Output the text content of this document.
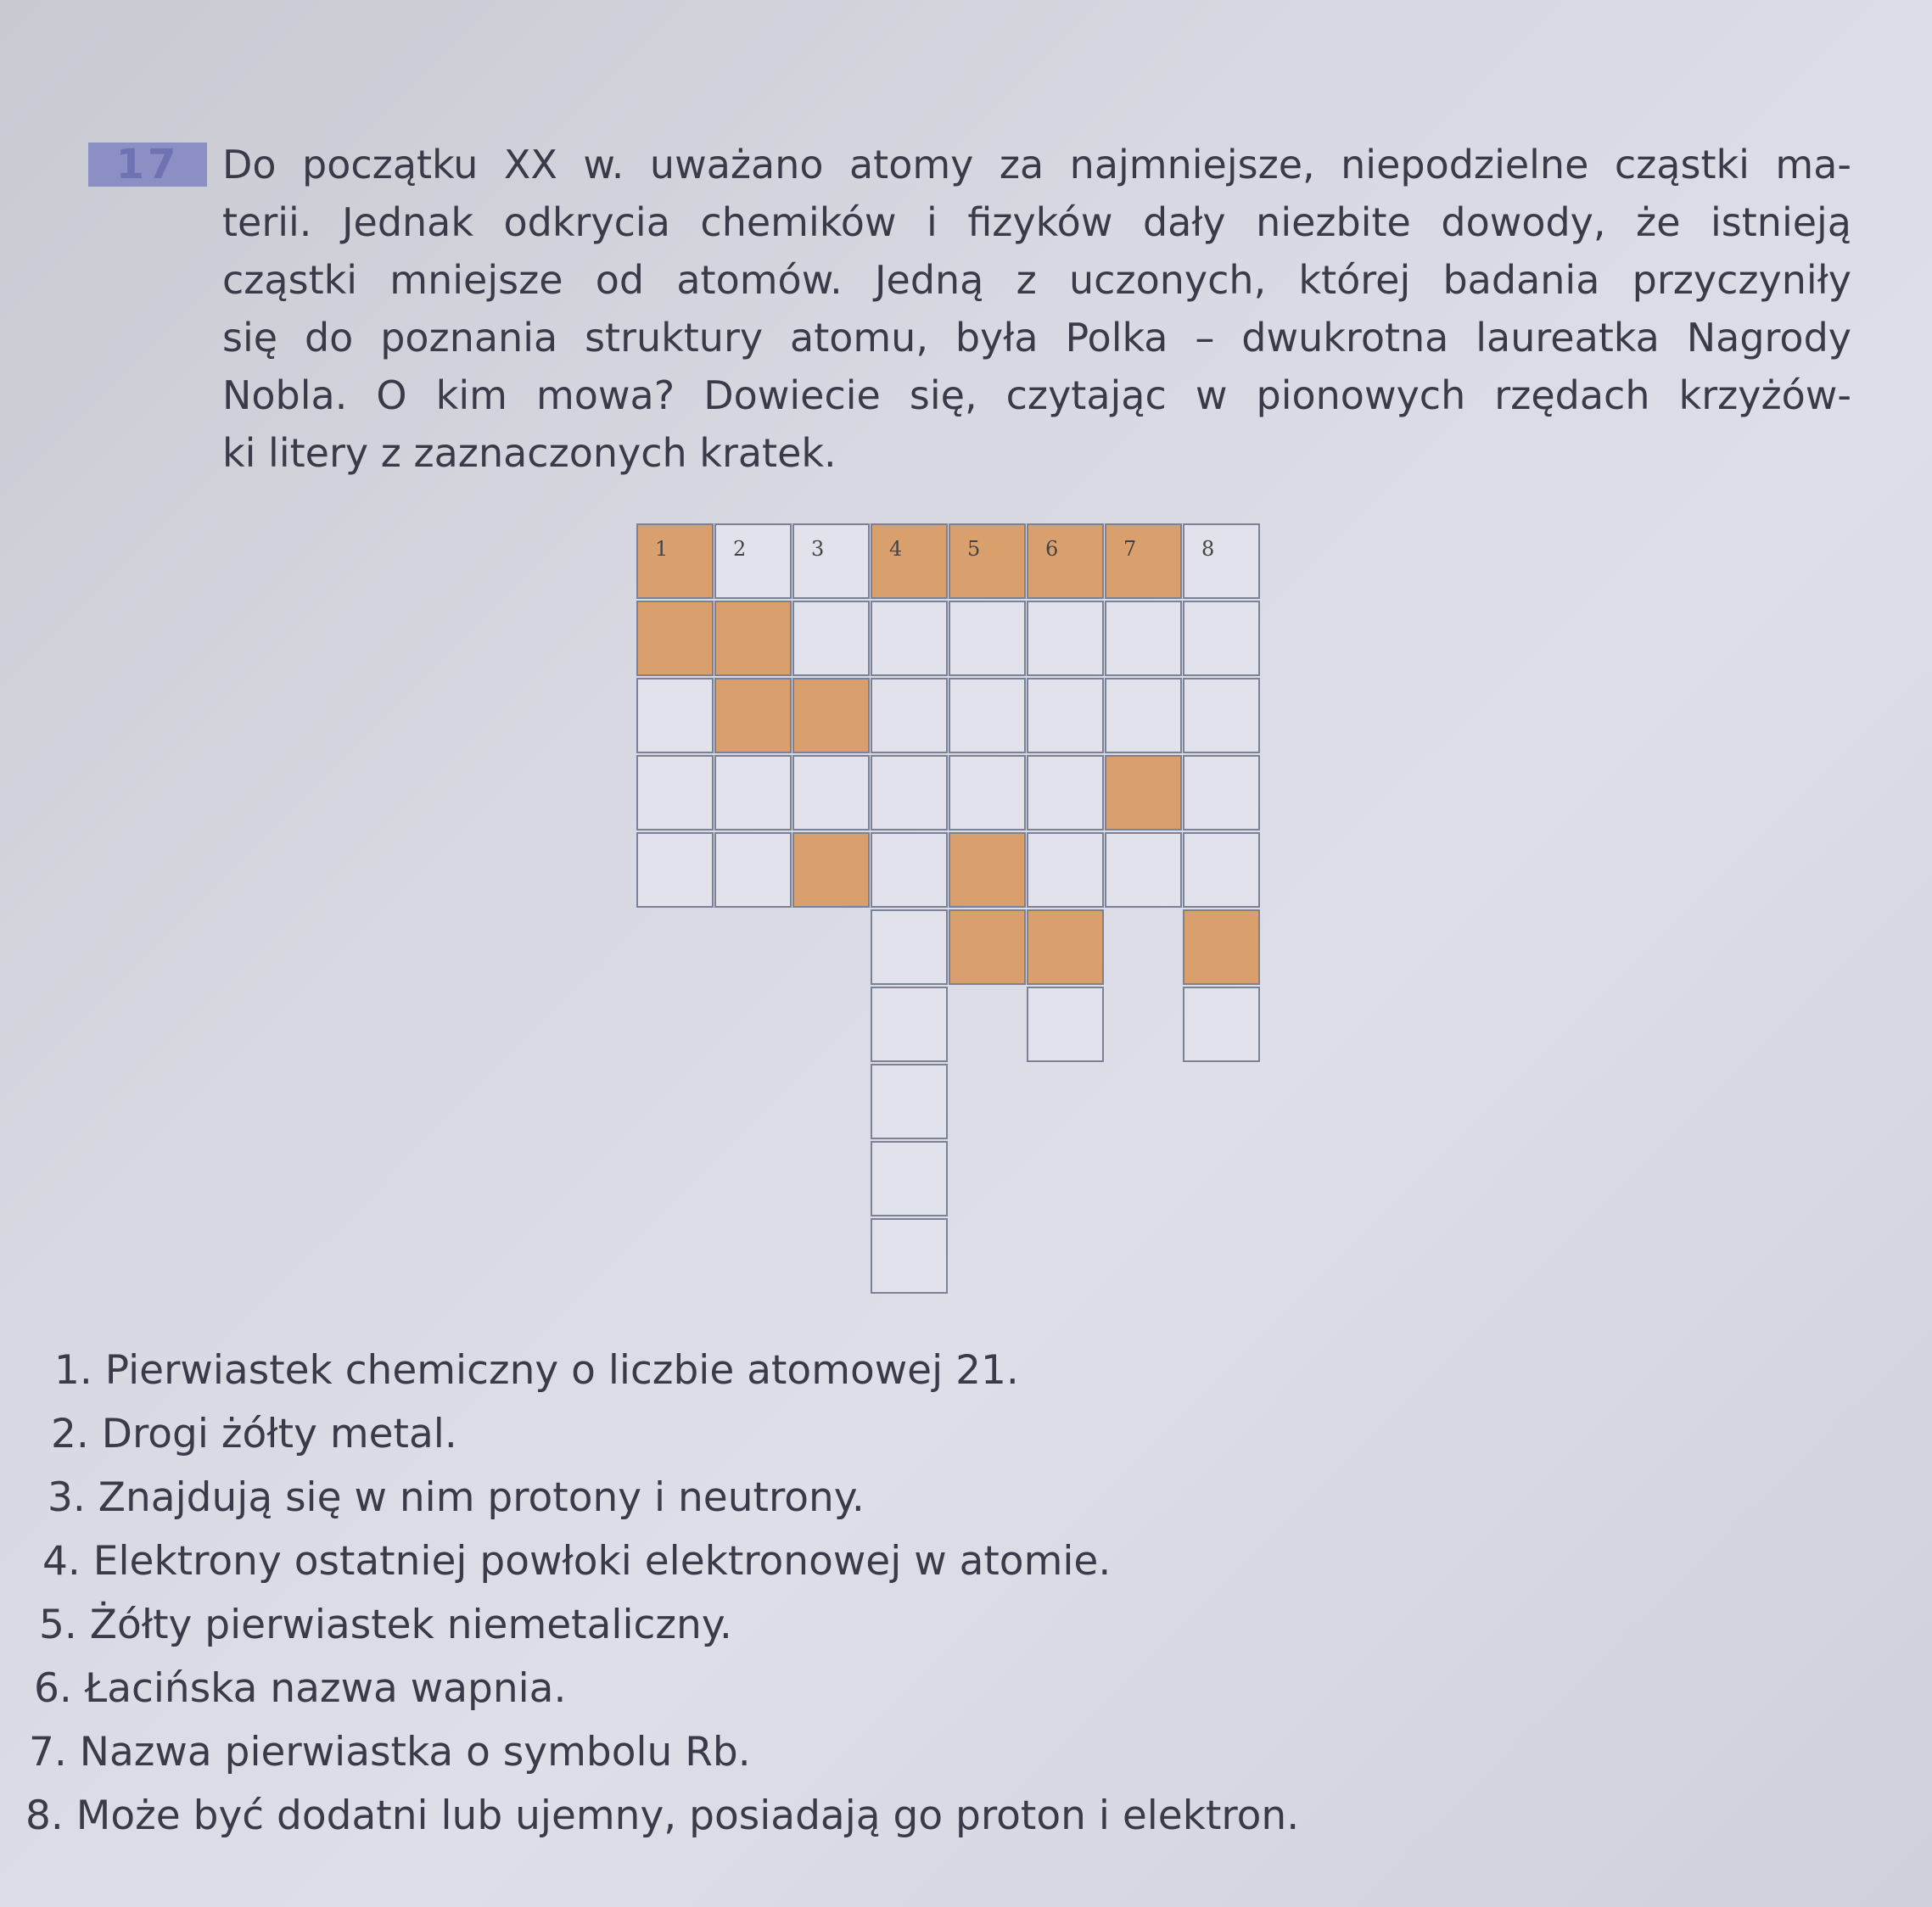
17	Do początku XX w. uważano atomy za najmniejsze, niepodzielne cząstki ma-
terii. Jednak odkrycia chemików i fizyków dały niezbite dowody, że istnieją
cząstki mniejsze od atomów. Jedną z uczonych, której badania przyczyniły
się do poznania struktury atomu, była Polka – dwukrotna laureatka Nagrody
Nobla. O kim mowa? Dowiecie się, czytając w pionowych rzędach krzyżów-
ki litery z zaznaczonych kratek.

1	2	3	4	5	6	7	8
1. Pierwiastek chemiczny o liczbie atomowej 21.
2. Drogi żółty metal.
3. Znajdują się w nim protony i neutrony.
4. Elektrony ostatniej powłoki elektronowej w atomie.
5. Żółty pierwiastek niemetaliczny.
6. Łacińska nazwa wapnia.
7. Nazwa pierwiastka o symbolu Rb.
8. Może być dodatni lub ujemny, posiadają go proton i elektron.
